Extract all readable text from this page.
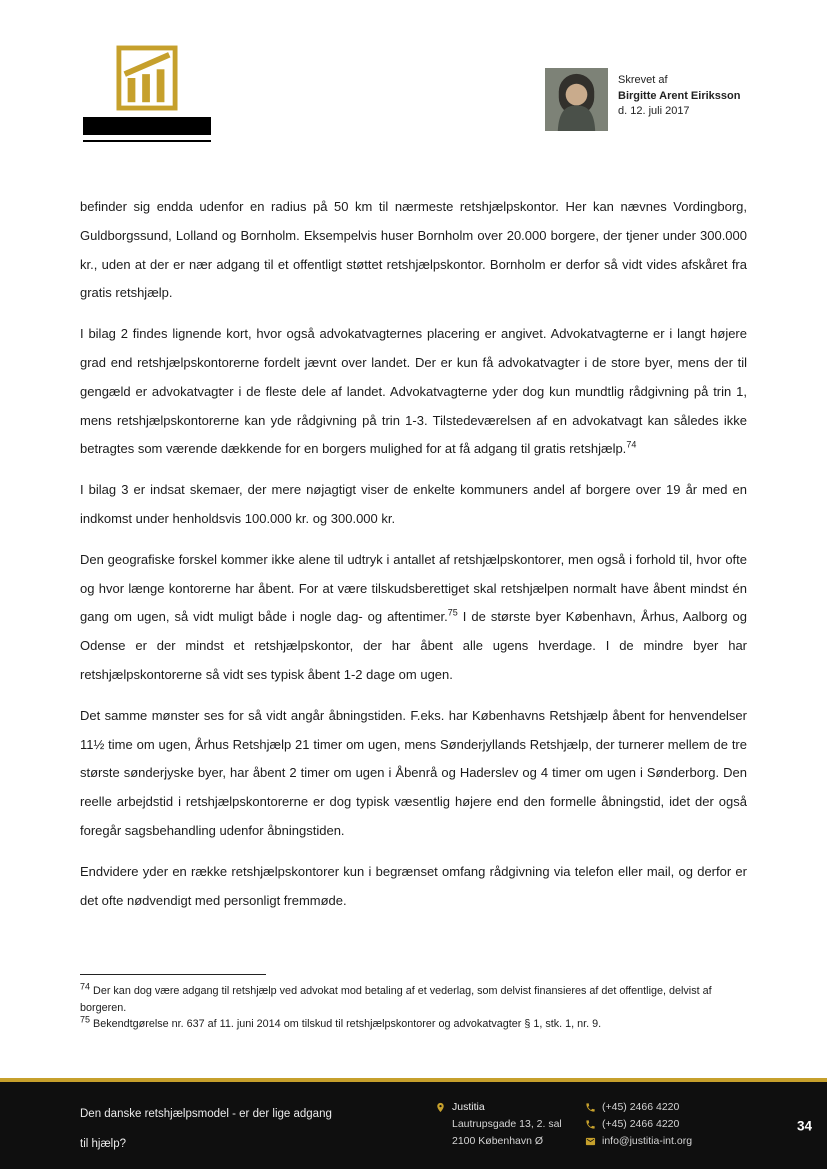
Skrevet af
Birgitte Arent Eiriksson
d. 12. juli 2017

befinder sig endda udenfor en radius på 50 km til nærmeste retshjælpskontor. Her kan nævnes Vordingborg, Guldborgssund, Lolland og Bornholm. Eksempelvis huser Bornholm over 20.000 borgere, der tjener under 300.000 kr., uden at der er nær adgang til et offentligt støttet retshjælpskontor. Bornholm er derfor så vidt vides afskåret fra gratis retshjælp.

I bilag 2 findes lignende kort, hvor også advokatvagternes placering er angivet. Advokatvagterne er i langt højere grad end retshjælpskontorerne fordelt jævnt over landet. Der er kun få advokatvagter i de store byer, mens der til gengæld er advokatvagter i de fleste dele af landet. Advokatvagterne yder dog kun mundtlig rådgivning på trin 1, mens retshjælpskontorerne kan yde rådgivning på trin 1-3. Tilstedeværelsen af en advokatvagt kan således ikke betragtes som værende dækkende for en borgers mulighed for at få adgang til gratis retshjælp.$^{74}$

I bilag 3 er indsat skemaer, der mere nøjagtigt viser de enkelte kommuners andel af borgere over 19 år med en indkomst under henholdsvis 100.000 kr. og 300.000 kr.

Den geografiske forskel kommer ikke alene til udtryk i antallet af retshjælpskontorer, men også i forhold til, hvor ofte og hvor længe kontorerne har åbent. For at være tilskudsberettiget skal retshjælpen normalt have åbent mindst én gang om ugen, så vidt muligt både i nogle dag- og aftentimer.$^{75}$ I de største byer København, Århus, Aalborg og Odense er der mindst et retshjælpskontor, der har åbent alle ugens hverdage. I de mindre byer har retshjælpskontorerne så vidt ses typisk åbent 1-2 dage om ugen.

Det samme mønster ses for så vidt angår åbningstiden. F.eks. har Københavns Retshjælp åbent for henvendelser 11½ time om ugen, Århus Retshjælp 21 timer om ugen, mens Sønderjyllands Retshjælp, der turnerer mellem de tre største sønderjyske byer, har åbent 2 timer om ugen i Åbenrå og Haderslev og 4 timer om ugen i Sønderborg. Den reelle arbejdstid i retshjælpskontorerne er dog typisk væsentlig højere end den formelle åbningstid, idet der også foregår sagsbehandling udenfor åbningstiden.

Endvidere yder en række retshjælpskontorer kun i begrænset omfang rådgivning via telefon eller mail, og derfor er det ofte nødvendigt med personligt fremmøde.

$^{74}$ Der kan dog være adgang til retshjælp ved advokat mod betaling af et vederlag, som delvist finansieres af det offentlige, delvist af borgeren.
$^{75}$ Bekendtgørelse nr. 637 af 11. juni 2014 om tilskud til retshjælpskontorer og advokatvagter § 1, stk. 1, nr. 9.
Den danske retshjælpsmodel - er der lige adgang
til hjælp?
Justitia
Lautrupsgade 13, 2. sal
2100 København Ø
(+45) 2466 4220
(+45) 2466 4220
info@justitia-int.org
34
